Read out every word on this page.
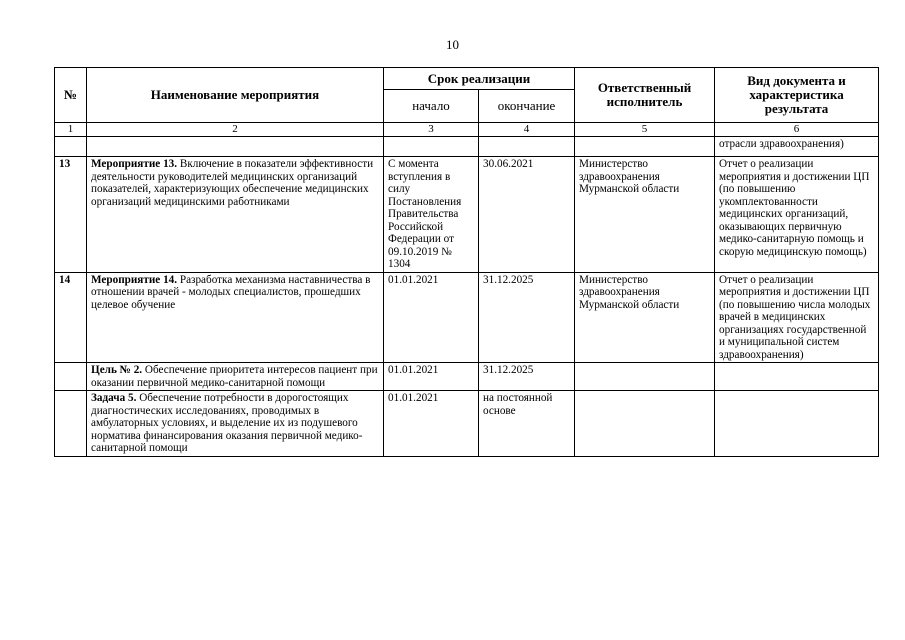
10
№	Наименование мероприятия	Срок реализации		Ответственный исполнитель	Вид документа и характеристика результата
		начало	окончание		
1	2	3	4	5	6
					отрасли здравоохранения)
13	Мероприятие 13. Включение в показатели эффективности деятельности руководителей медицинских организаций показателей, характеризующих обеспечение медицинских организаций медицинскими работниками	С момента вступления в силу Постановления Правительства Российской Федерации от 09.10.2019 № 1304	30.06.2021	Министерство здравоохранения Мурманской области	Отчет о реализации мероприятия и достижении ЦП (по повышению укомплектованности медицинских организаций, оказывающих первичную медико-санитарную помощь и скорую медицинскую помощь)
14	Мероприятие 14. Разработка механизма наставничества в отношении врачей - молодых специалистов, прошедших целевое обучение	01.01.2021	31.12.2025	Министерство здравоохранения Мурманской области	Отчет о реализации мероприятия и достижении ЦП (по повышению числа молодых врачей в медицинских организациях государственной и муниципальной систем здравоохранения)
	Цель № 2. Обеспечение приоритета интересов пациент при оказании первичной медико-санитарной помощи	01.01.2021	31.12.2025		
	Задача 5. Обеспечение потребности в дорогостоящих диагностических исследованиях, проводимых в амбулаторных условиях, и выделение их из подушевого норматива финансирования оказания первичной медико-санитарной помощи	01.01.2021	на постоянной основе		
